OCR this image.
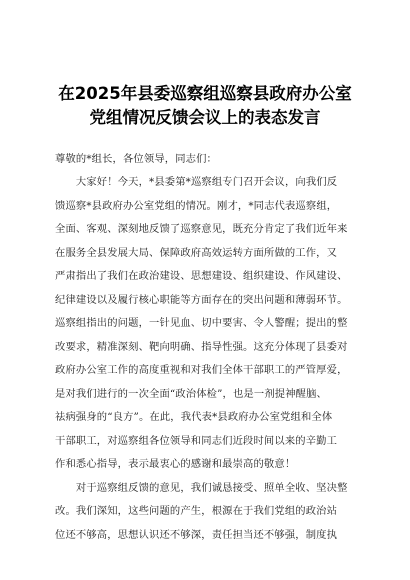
在2025年县委巡察组巡察县政府办公室
党组情况反馈会议上的表态发言
尊敬的*组长，各位领导，同志们：
　　大家好！今天，*县委第*巡察组专门召开会议，向我们反
馈巡察*县政府办公室党组的情况。刚才，*同志代表巡察组，
全面、客观、深刻地反馈了巡察意见，既充分肯定了我们近年来
在服务全县发展大局、保障政府高效运转方面所做的工作，又
严肃指出了我们在政治建设、思想建设、组织建设、作风建设、
纪律建设以及履行核心职能等方面存在的突出问题和薄弱环节。
巡察组指出的问题，一针见血、切中要害、令人警醒；提出的整
改要求，精准深刻、靶向明确、指导性强。这充分体现了县委对
政府办公室工作的高度重视和对我们全体干部职工的严管厚爱，
是对我们进行的一次全面“政治体检”，也是一剂提神醒脑、
祛病强身的“良方”。在此，我代表*县政府办公室党组和全体
干部职工，对巡察组各位领导和同志们近段时间以来的辛勤工
作和悉心指导，表示最衷心的感谢和最崇高的敬意！
　　对于巡察组反馈的意见，我们诚恳接受、照单全收、坚决整
改。我们深知，这些问题的产生，根源在于我们党组的政治站
位还不够高，思想认识还不够深，责任担当还不够强，制度执
